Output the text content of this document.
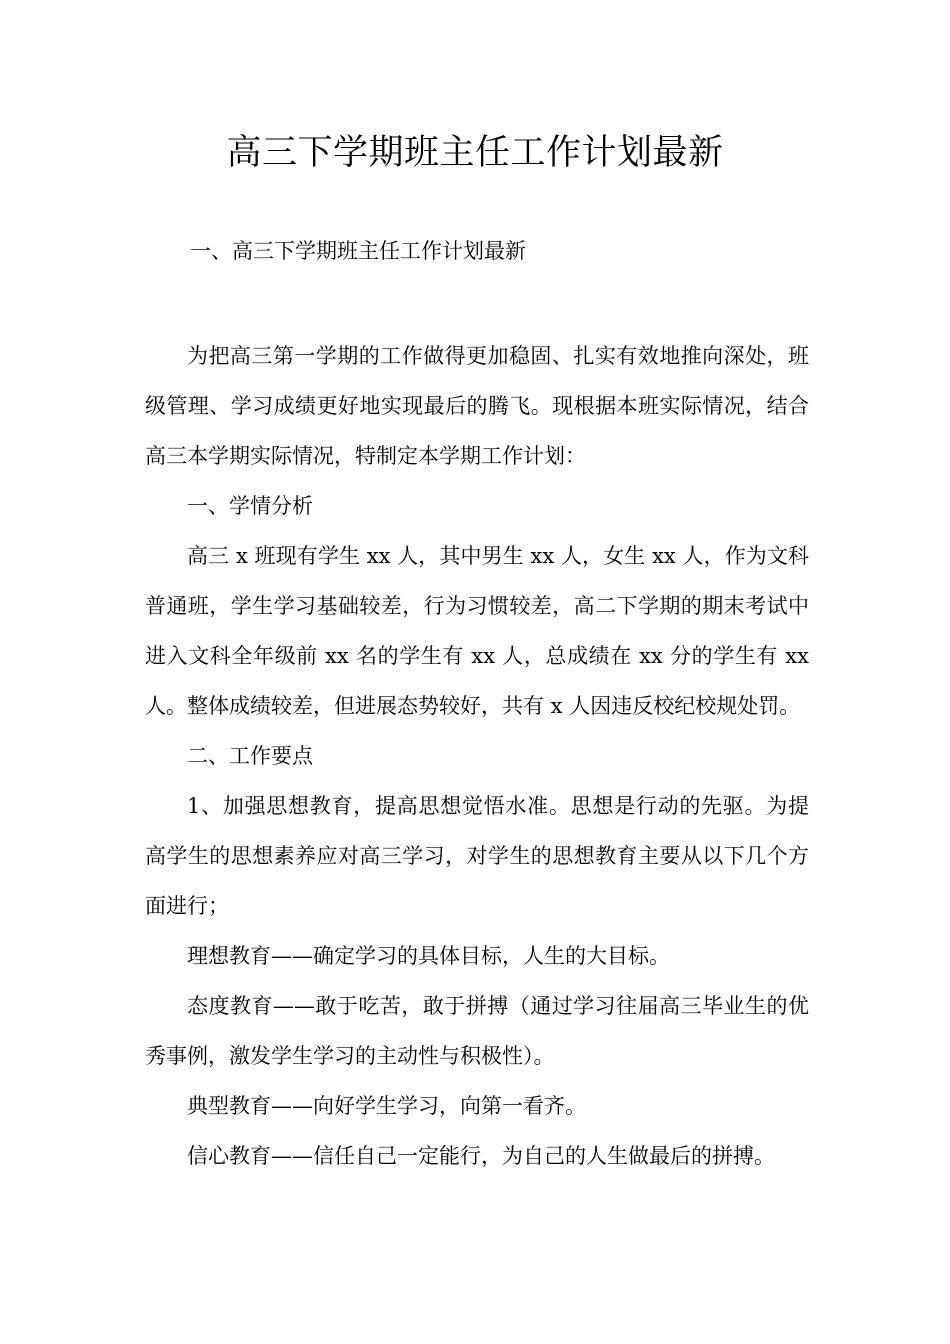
高三下学期班主任工作计划最新

一、高三下学期班主任工作计划最新

为把高三第一学期的工作做得更加稳固、扎实有效地推向深处，班级管理、学习成绩更好地实现最后的腾飞。现根据本班实际情况，结合高三本学期实际情况，特制定本学期工作计划：

一、学情分析

高三 x 班现有学生 xx 人，其中男生 xx 人，女生 xx 人，作为文科普通班，学生学习基础较差，行为习惯较差，高二下学期的期末考试中进入文科全年级前 xx 名的学生有 xx 人，总成绩在 xx 分的学生有 xx 人。整体成绩较差，但进展态势较好，共有 x 人因违反校纪校规处罚。

二、工作要点

1、加强思想教育，提高思想觉悟水准。思想是行动的先驱。为提高学生的思想素养应对高三学习，对学生的思想教育主要从以下几个方面进行；

理想教育——确定学习的具体目标，人生的大目标。

态度教育——敢于吃苦，敢于拼搏（通过学习往届高三毕业生的优秀事例，激发学生学习的主动性与积极性）。

典型教育——向好学生学习，向第一看齐。

信心教育——信任自己一定能行，为自己的人生做最后的拼搏。
